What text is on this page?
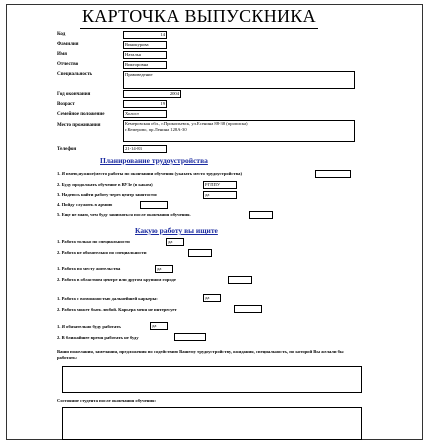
КАРТОЧКА ВЫПУСКНИКА
Код	14
Фамилия	Винокурова
Имя	Наталья
Отчество	Викторовна
Специальность	Правоведение
Год окончания	2004
Возраст	19
Семейное положение	Холост
Место проживания	Кемеровская обл., г.Прокопьевск, ул.Есенина 88-38 (прописка)
г.Кемерово, пр.Ленина 128А-30
Телефон	21-14-83
Планирование трудоустройства
1. Я имею,нужное(место работы по окончании обучения (указать место трудоустройства)
2. Буду продолжать обучение в ВУЗе (в каком)	РГППУ
3. Надеюсь найти работу через центр занятости:	да
4. Пойду служить в армию
5. Еще не знаю, чем буду заниматься после окончания обучения.
Какую работу вы ищите
1. Работа только по специальности	да
2. Работа не обязательно по специальности
1. Работа по месту жительства	да
2. Работа в областном центре или другом крупном городе
1. Работа с возможностью дальнейшей карьеры:	да
2. Работа может быть любой. Карьера меня не интересует
1. Я обязательно буду работать	да
2. В ближайшее время работать не буду
Ваши пожелания, замечания, предложения по содействию Вашему трудоустройству, ожидания, специальность, по которой Вы желали бы работать:
Состояние студента после окончания обучения:
